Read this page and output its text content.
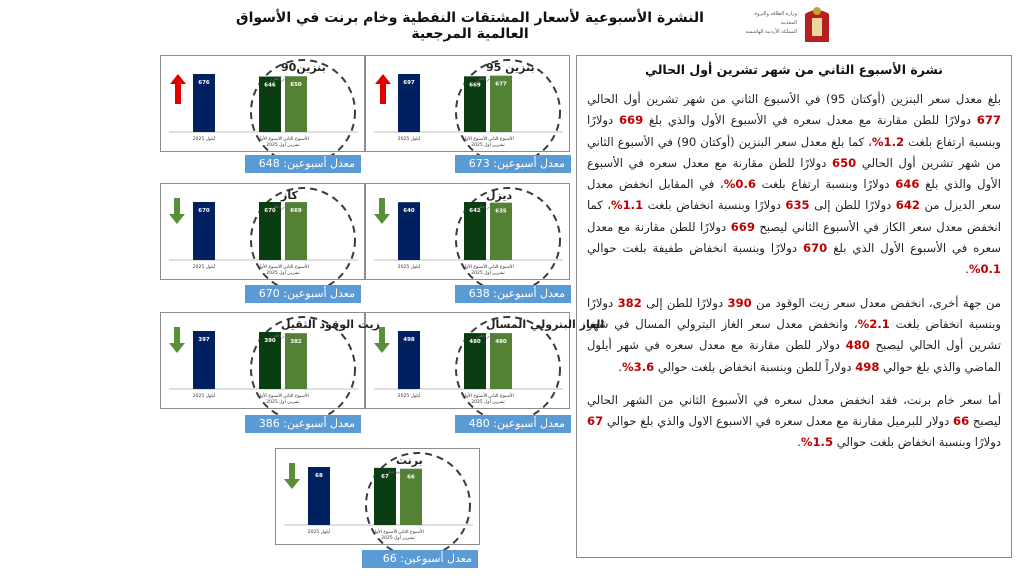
النشرة الأسبوعية لأسعار المشتقات النفطية وخام برنت في الأسواق العالمية المرجعية
وزارة الطاقة والثروة المعدنية
المملكة الأردنية الهاشمية
697	669	677
أيلول 2025	الأسبوع الأول الأسبوع الثاني
تشرين أول 2025
بنزين 95
دولار/طن
معدل أسبوعين: 673
676	646	650
أيلول 2025	الأسبوع الأول الأسبوع الثاني
تشرين أول 2025
بنزين90
دولار/طن
معدل أسبوعين: 648
640	642	635
أيلول 2025	الأسبوع الأول الأسبوع الثاني
تشرين أول 2025
ديزل
دولار/طن
معدل أسبوعين: 638
670	670	669
أيلول 2025	الأسبوع الأول الأسبوع الثاني
تشرين أول 2025
كاز
دولار/طن
معدل أسبوعين: 670
498	480	480
أيلول 2025	الأسبوع الأول الأسبوع الثاني
تشرين أول 2025
الغاز البترولي المسال
دولار/طن
معدل أسبوعين: 480
397	390	382
أيلول 2025	الأسبوع الأول الأسبوع الثاني
تشرين أول 2025
زيت الوقود الثقيل
دولار/طن
معدل أسبوعين: 386
68	67	66
أيلول 2025	الأسبوع الأول الأسبوع الثاني
تشرين أول 2025
برنت
دولار/برميل
معدل أسبوعين: 66
نشرة الأسبوع الثاني من شهر تشرين أول الحالي

بلغ معدل سعر البنزين (أوكتان 95) في الأسبوع الثاني من شهر تشرين أول الحالي 677 دولارًا للطن مقارنة مع معدل سعره في الأسبوع الأول والذي بلغ 669 دولارًا وبنسبة ارتفاع بلغت 1.2%، كما بلغ معدل سعر البنزين (أوكتان 90) في الأسبوع الثاني من شهر تشرين أول الحالي 650 دولارًا للطن مقارنة مع معدل سعره في الأسبوع الأول والذي بلغ 646 دولارًا وبنسبة ارتفاع بلغت 0.6%، في المقابل انخفض معدل سعر الديزل من 642 دولارًا للطن إلى 635 دولارًا وبنسبة انخفاض بلغت 1.1%، كما انخفض معدل سعر الكاز في الأسبوع الثاني ليصبح 669 دولارًا للطن مقارنة مع معدل سعره في الأسبوع الأول الذي بلغ 670 دولارًا وبنسبة انخفاض طفيفة بلغت حوالي 0.1%.

من جهة أخرى، انخفض معدل سعر زيت الوقود من 390 دولارًا للطن إلى 382 دولارًا وبنسبة انخفاض بلغت 2.1%، وانخفض معدل سعر الغاز البترولي المسال في شهر تشرين أول الحالي ليصبح 480 دولار للطن مقارنة مع معدل سعره في شهر أيلول الماضي والذي بلغ حوالي 498 دولاراً للطن وبنسبة انخفاض بلغت حوالي 3.6%.

أما سعر خام برنت، فقد انخفض معدل سعره في الأسبوع الثاني من الشهر الحالي ليصبح 66 دولار للبرميل مقارنة مع معدل سعره في الاسبوع الاول والذي بلغ حوالي 67 دولارًا وبنسبة انخفاض بلغت حوالي 1.5%.
